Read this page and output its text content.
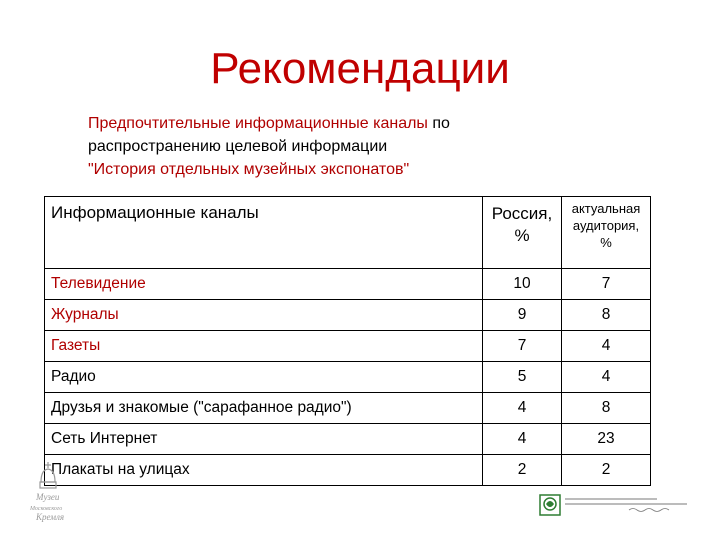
Рекомендации
Предпочтительные информационные каналы по распространению целевой информации
"История отдельных музейных экспонатов"
Информационные каналы	Россия, %	актуальная аудитория, %
Телевидение	10	7
Журналы	9	8
Газеты	7	4
Радио	5	4
Друзья и знакомые ("сарафанное радио")	4	8
Сеть Интернет	4	23
Плакаты на улицах	2	2
Музеи
Московского
Кремля
